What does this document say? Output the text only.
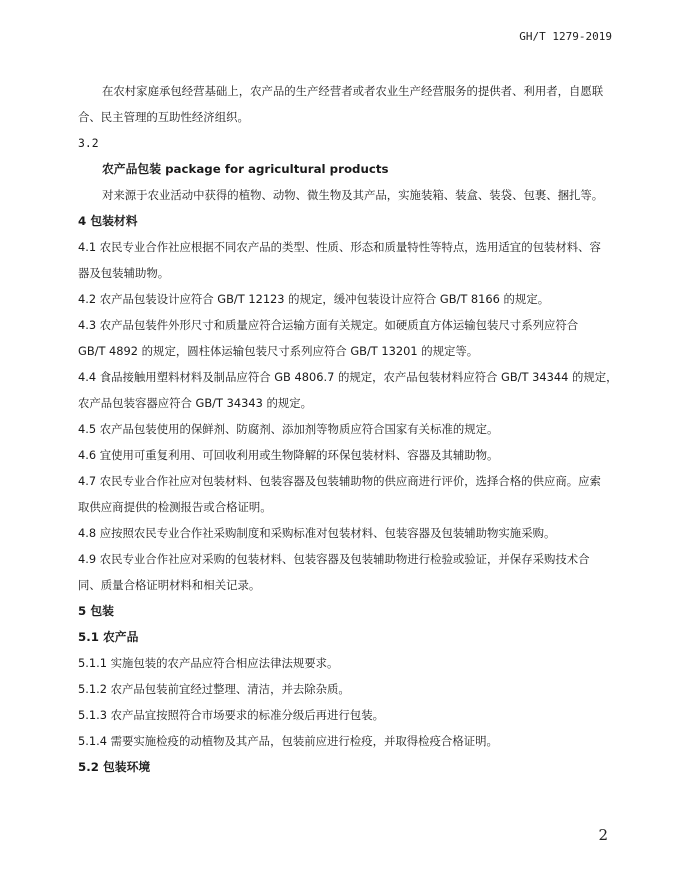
GH/T 1279-2019

在农村家庭承包经营基础上，农产品的生产经营者或者农业生产经营服务的提供者、利用者，自愿联

合、民主管理的互助性经济组织。

3.2

农产品包装 package for agricultural products

对来源于农业活动中获得的植物、动物、微生物及其产品，实施装箱、装盒、装袋、包裹、捆扎等。

4 包装材料

4.1 农民专业合作社应根据不同农产品的类型、性质、形态和质量特性等特点，选用适宜的包装材料、容

器及包装辅助物。

4.2 农产品包装设计应符合 GB/T 12123 的规定，缓冲包装设计应符合 GB/T 8166 的规定。

4.3 农产品包装件外形尺寸和质量应符合运输方面有关规定。如硬质直方体运输包装尺寸系列应符合

GB/T 4892 的规定，圆柱体运输包装尺寸系列应符合 GB/T 13201 的规定等。

4.4 食品接触用塑料材料及制品应符合 GB 4806.7 的规定，农产品包装材料应符合 GB/T 34344 的规定，

农产品包装容器应符合 GB/T 34343 的规定。

4.5 农产品包装使用的保鲜剂、防腐剂、添加剂等物质应符合国家有关标准的规定。

4.6 宜使用可重复利用、可回收利用或生物降解的环保包装材料、容器及其辅助物。

4.7 农民专业合作社应对包装材料、包装容器及包装辅助物的供应商进行评价，选择合格的供应商。应索

取供应商提供的检测报告或合格证明。

4.8 应按照农民专业合作社采购制度和采购标准对包装材料、包装容器及包装辅助物实施采购。

4.9 农民专业合作社应对采购的包装材料、包装容器及包装辅助物进行检验或验证，并保存采购技术合

同、质量合格证明材料和相关记录。

5 包装

5.1 农产品

5.1.1 实施包装的农产品应符合相应法律法规要求。

5.1.2 农产品包装前宜经过整理、清洁，并去除杂质。

5.1.3 农产品宜按照符合市场要求的标准分级后再进行包装。

5.1.4 需要实施检疫的动植物及其产品，包装前应进行检疫，并取得检疫合格证明。

5.2 包装环境

2
